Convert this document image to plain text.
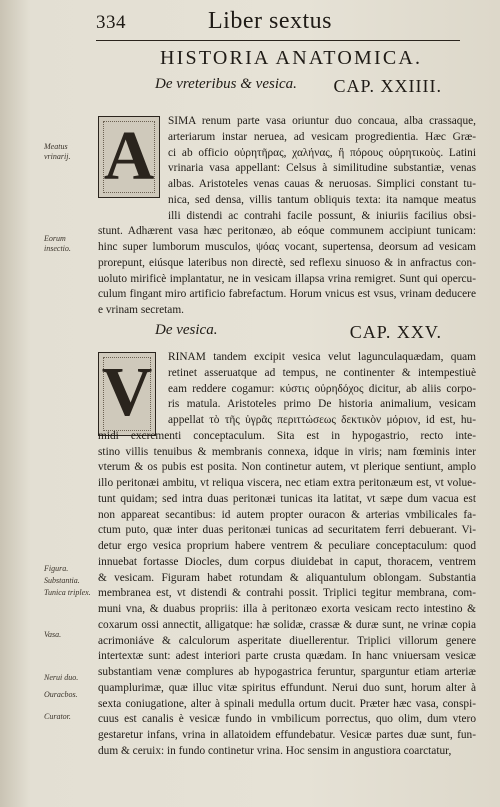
334	Liber sextus
HISTORIA ANATOMICA.
De vreteribus & vesica. CAP. XXIIII.
A	SIMA renum parte vasa oriuntur duo concaua, alba crassaque,
arteriarum instar neruea, ad vesicam progredientia. Hæc Græ-
ci ab officio οὐρητῆρας, χαλήνας, ἢ πόρους οὐρητικοὺς. Latini
vrinaria vasa appellant: Celsus à similitudine substantiæ, venas
albas. Aristoteles venas cauas & neruosas. Simplici constant tu-
nica, sed densa, villis tantum obliquis texta: ita namque meatus
illi distendi ac contrahi facile possunt, & iniuriis facilius obsi-
stunt. Adhærent vasa hæc peritonæo, ab eóque communem accipiunt tunicam:
hinc super lumborum musculos, ψόας vocant, supertensa, deorsum ad vesicam
prorepunt, eiúsque lateribus non directè, sed reflexu sinuoso & in anfractus con-
uoluto mirificè implantatur, ne in vesicam illapsa vrina remigret. Sunt qui opercu-
culum fingant miro artificio fabrefactum. Horum vnicus est vsus, vrinam deducere
e vrinam secretam.
De vesica.	CAP. XXV.
V	RINAM tandem excipit vesica velut lagunculaquædam, quam
retinet asseruatque ad tempus, ne continenter & intempestiuè
eam reddere cogamur: κύστις οὐρηδόχος dicitur, ab aliis corpo-
ris matula. Aristoteles primo De historia animalium, vesicam
appellat τὸ τῆς ὑγρᾶς περιττώσεως δεκτικὸν μόριον, id est, hu-
midi excrementi conceptaculum. Sita est in hypogastrio, recto inte-
stino villis tenuibus & membranis connexa, idque in viris; nam fœminis inter
vterum & os pubis est posita. Non continetur autem, vt plerique sentiunt, amplo
illo peritonæi ambitu, vt reliqua viscera, nec etiam extra peritonæum est, vt volue-
tunt quidam; sed intra duas peritonæi tunicas ita latitat, vt sæpe dum vacua est
non appareat secantibus: id autem propter ouracon & arterias vmbilicales fa-
ctum puto, quæ inter duas peritonæi tunicas ad securitatem ferri debuerant. Vi-
detur ergo vesica proprium habere ventrem & peculiare conceptaculum: quod
innuebat fortasse Diocles, dum corpus diuidebat in caput, thoracem, ventrem
& vesicam. Figuram habet rotundam & aliquantulum oblongam. Substantia
membranea est, vt distendi & contrahi possit. Triplici tegitur membrana, com-
muni vna, & duabus propriis: illa à peritonæo exorta vesicam recto intestino &
coxarum ossi annectit, alligatque: hæ solidæ, crassæ & duræ sunt, ne vrinæ copia
acrimoniáve & calculorum asperitate diuellerentur. Triplici villorum genere
intertextæ sunt: adest interiori parte crusta quædam. In hanc vniuersam vesicæ
substantiam venæ complures ab hypogastrica feruntur, sparguntur etiam arteriæ
quamplurimæ, quæ illuc vitæ spiritus effundunt. Nerui duo sunt, horum alter à
sexta coniugatione, alter à spinali medulla ortum ducit. Præter hæc vasa, conspi-
cuus est canalis è vesicæ fundo in vmbilicum porrectus, quo olim, dum vtero
gestaretur infans, vrina in allatoidem effundebatur. Vesicæ partes duæ sunt, fun-
dum & ceruix: in fundo continetur vrina. Hoc sensim in angustiora coarctatur,
Meatus vrinarij.
Eorum insectio.
Figura.
Substantia.
Tunica triplex.
Vasa.
Nerui duo.
Ouracbos.
Curator.
